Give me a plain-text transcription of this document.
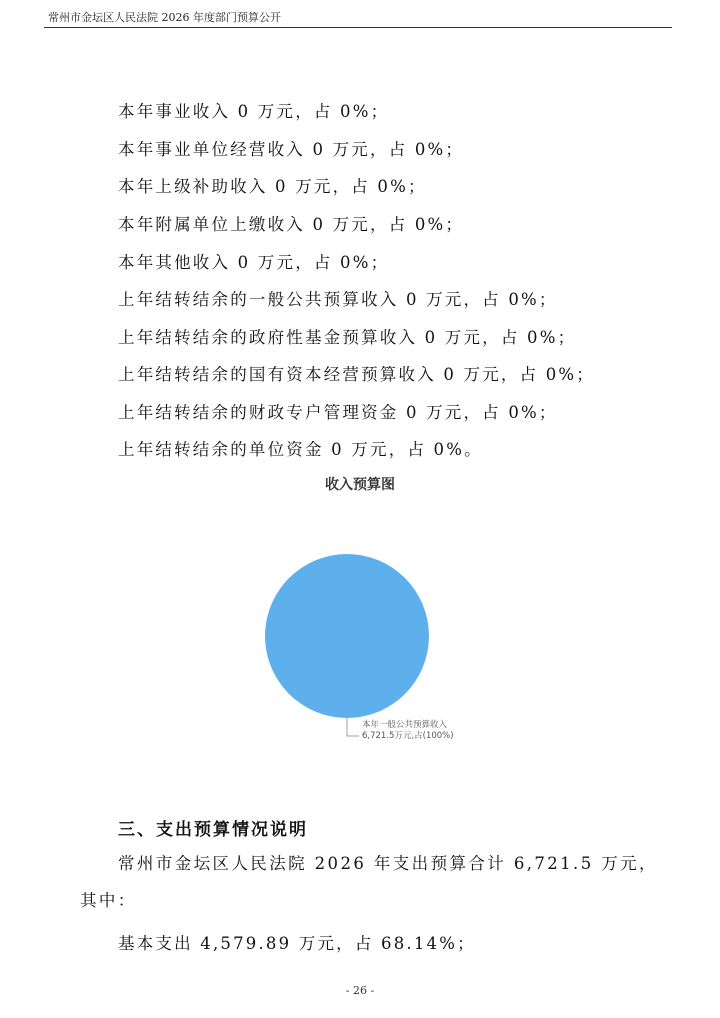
常州市金坛区人民法院 2026 年度部门预算公开
本年事业收入 0 万元，占 0%；
本年事业单位经营收入 0 万元，占 0%；
本年上级补助收入 0 万元，占 0%；
本年附属单位上缴收入 0 万元，占 0%；
本年其他收入 0 万元，占 0%；
上年结转结余的一般公共预算收入 0 万元，占 0%；
上年结转结余的政府性基金预算收入 0 万元，占 0%；
上年结转结余的国有资本经营预算收入 0 万元，占 0%；
上年结转结余的财政专户管理资金 0 万元，占 0%；
上年结转结余的单位资金 0 万元，占 0%。
收入预算图
本年一般公共预算收入
6,721.5万元,占(100%)
三、支出预算情况说明
常州市金坛区人民法院 2026 年支出预算合计 6,721.5 万元，
其中：
基本支出 4,579.89 万元，占 68.14%；
- 26 -
